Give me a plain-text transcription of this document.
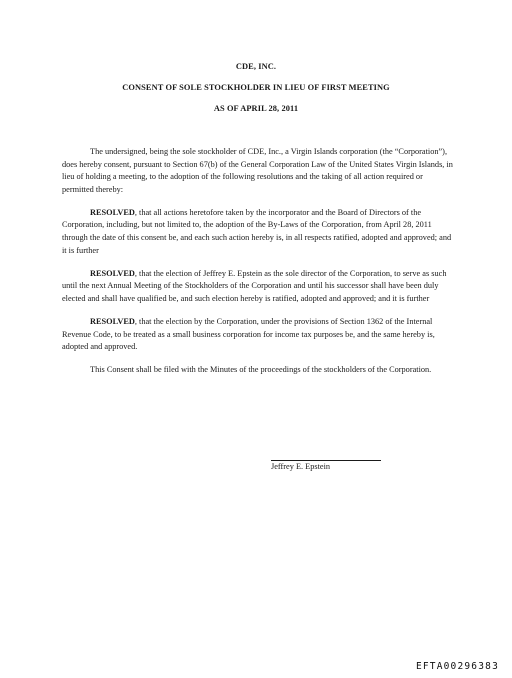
CDE, INC.
CONSENT OF SOLE STOCKHOLDER IN LIEU OF FIRST MEETING
AS OF APRIL 28, 2011

The undersigned, being the sole stockholder of CDE, Inc., a Virgin Islands corporation (the “Corporation”), does hereby consent, pursuant to Section 67(b) of the General Corporation Law of the United States Virgin Islands, in lieu of holding a meeting, to the adoption of the following resolutions and the taking of all action required or permitted thereby:

RESOLVED, that all actions heretofore taken by the incorporator and the Board of Directors of the Corporation, including, but not limited to, the adoption of the By-Laws of the Corporation, from April 28, 2011 through the date of this consent be, and each such action hereby is, in all respects ratified, adopted and approved; and it is further

RESOLVED, that the election of Jeffrey E. Epstein as the sole director of the Corporation, to serve as such until the next Annual Meeting of the Stockholders of the Corporation and until his successor shall have been duly elected and shall have qualified be, and such election hereby is ratified, adopted and approved; and it is further

RESOLVED, that the election by the Corporation, under the provisions of Section 1362 of the Internal Revenue Code, to be treated as a small business corporation for income tax purposes be, and the same hereby is, adopted and approved.

This Consent shall be filed with the Minutes of the proceedings of the stockholders of the Corporation.

Jeffrey E. Epstein
EFTA00296383
